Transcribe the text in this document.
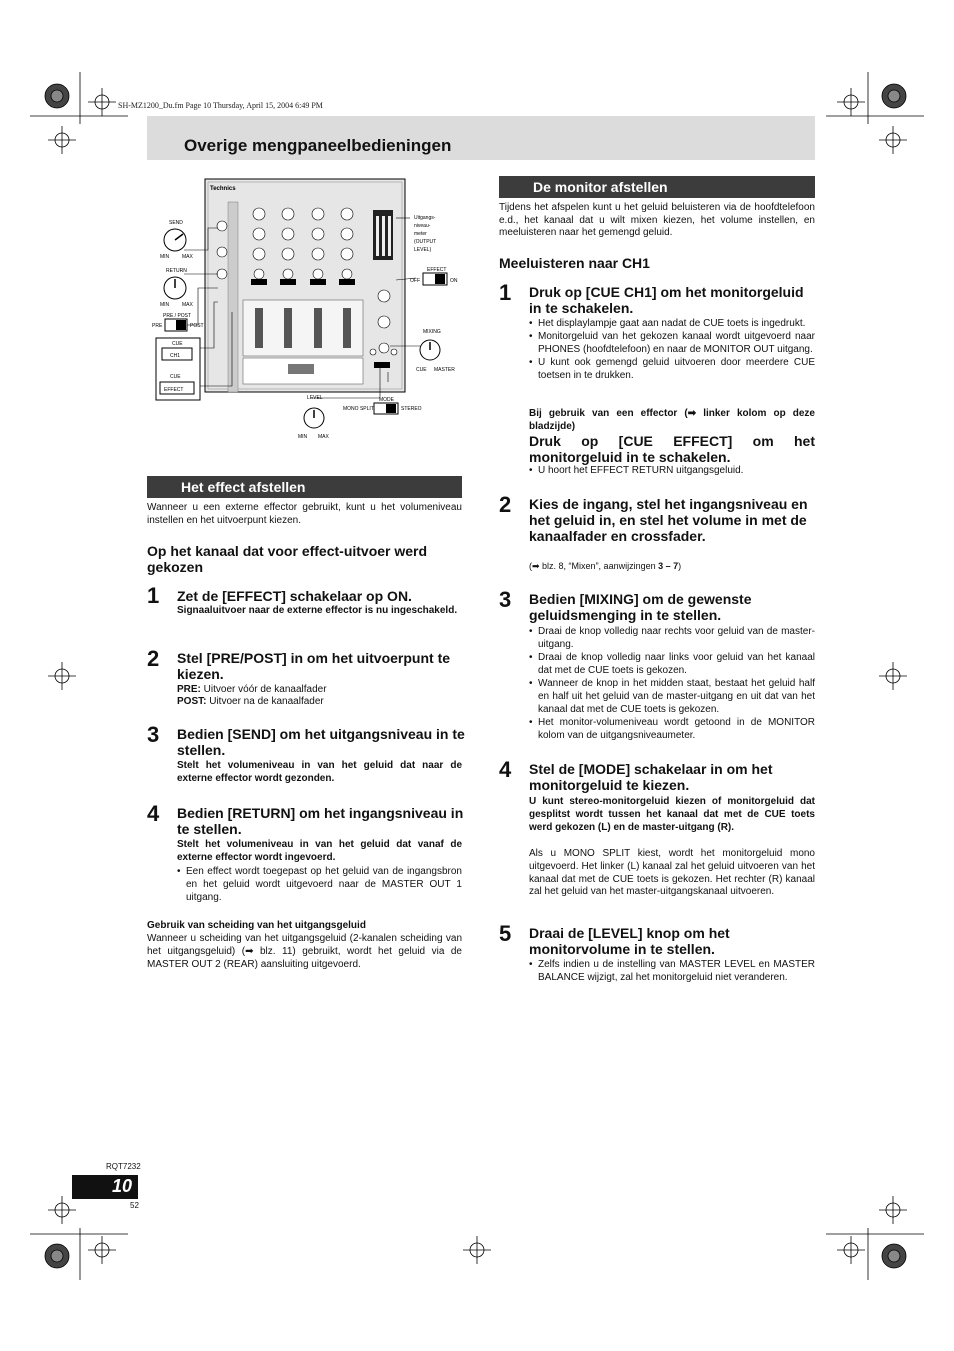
SH-MZ1200_Du.fm Page 10 Thursday, April 15, 2004 6:49 PM
Overige mengpaneelbedieningen
Technics
SEND
MIN	MAX
RETURN
MIN	MAX
PRE / POST
PRE	POST
CUE
CH1
CUE
EFFECT
Uitgangs-
niveau-
meter
(OUTPUT
LEVEL)
EFFECT
OFF	ON
MIXING
CUE MASTER
LEVEL
MIN MAX
MODE
MONO SPLIT	STEREO
Het effect afstellen
Wanneer u een externe effector gebruikt, kunt u het volumeniveau instellen en het uitvoerpunt kiezen.
Op het kanaal dat voor effect-uitvoer werd gekozen
1 Zet de [EFFECT] schakelaar op ON.
Signaaluitvoer naar de externe effector is nu ingeschakeld.
2 Stel [PRE/POST] in om het uitvoerpunt te kiezen.
PRE: Uitvoer vóór de kanaalfader
POST: Uitvoer na de kanaalfader
3 Bedien [SEND] om het uitgangsniveau in te stellen.
Stelt het volumeniveau in van het geluid dat naar de externe effector wordt gezonden.
4 Bedien [RETURN] om het ingangsniveau in te stellen.
Stelt het volumeniveau in van het geluid dat vanaf de externe effector wordt ingevoerd.
• Een effect wordt toegepast op het geluid van de ingangsbron en het geluid wordt uitgevoerd naar de MASTER OUT 1 uitgang.
Gebruik van scheiding van het uitgangsgeluid
Wanneer u scheiding van het uitgangsgeluid (2-kanalen scheiding van het uitgangsgeluid) (➡ blz. 11) gebruikt, wordt het geluid via de MASTER OUT 2 (REAR) aansluiting uitgevoerd.
De monitor afstellen
Tijdens het afspelen kunt u het geluid beluisteren via de hoofdtelefoon e.d., het kanaal dat u wilt mixen kiezen, het volume instellen, en meeluisteren naar het gemengd geluid.
Meeluisteren naar CH1
1 Druk op [CUE CH1] om het monitorgeluid in te schakelen.
• Het displaylampje gaat aan nadat de CUE toets is ingedrukt.
• Monitorgeluid van het gekozen kanaal wordt uitgevoerd naar PHONES (hoofdtelefoon) en naar de MONITOR OUT uitgang.
• U kunt ook gemengd geluid uitvoeren door meerdere CUE toetsen in te drukken.
Bij gebruik van een effector (➡ linker kolom op deze bladzijde)
Druk op [CUE EFFECT] om het monitorgeluid in te schakelen.
• U hoort het EFFECT RETURN uitgangsgeluid.
2 Kies de ingang, stel het ingangsniveau en het geluid in, en stel het volume in met de kanaalfader en crossfader.
(➡ blz. 8, “Mixen”, aanwijzingen 3 – 7)
3 Bedien [MIXING] om de gewenste geluidsmenging in te stellen.
• Draai de knop volledig naar rechts voor geluid van de master-uitgang.
• Draai de knop volledig naar links voor geluid van het kanaal dat met de CUE toets is gekozen.
• Wanneer de knop in het midden staat, bestaat het geluid half en half uit het geluid van de master-uitgang en uit dat van het kanaal dat met de CUE toets is gekozen.
• Het monitor-volumeniveau wordt getoond in de MONITOR kolom van de uitgangsniveaumeter.
4 Stel de [MODE] schakelaar in om het monitorgeluid te kiezen.
U kunt stereo-monitorgeluid kiezen of monitorgeluid dat gesplitst wordt tussen het kanaal dat met de CUE toets werd gekozen (L) en de master-uitgang (R).
Als u MONO SPLIT kiest, wordt het monitorgeluid mono uitgevoerd. Het linker (L) kanaal zal het geluid uitvoeren van het kanaal dat met de CUE toets is gekozen. Het rechter (R) kanaal zal het geluid van het master-uitgangskanaal uitvoeren.
5 Draai de [LEVEL] knop om het monitorvolume in te stellen.
• Zelfs indien u de instelling van MASTER LEVEL en MASTER BALANCE wijzigt, zal het monitorgeluid niet veranderen.
RQT7232
10
52
